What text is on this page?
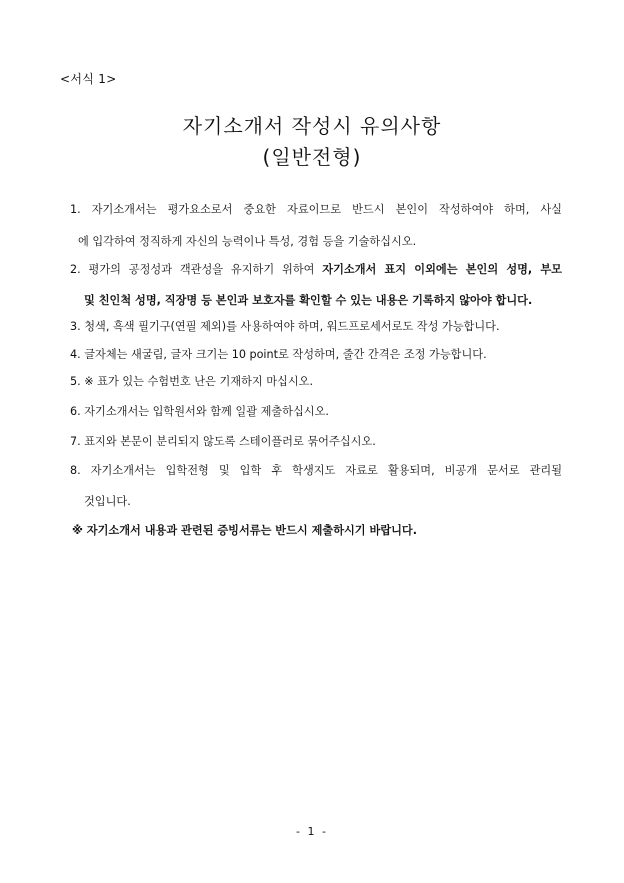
<서식 1>
자기소개서 작성시 유의사항
(일반전형)
1. 자기소개서는 평가요소로서 중요한 자료이므로 반드시 본인이 작성하여야 하며, 사실
에 입각하여 정직하게 자신의 능력이나 특성, 경험 등을 기술하십시오.
2. 평가의 공정성과 객관성을 유지하기 위하여 자기소개서 표지 이외에는 본인의 성명, 부모
및 친인척 성명, 직장명 등 본인과 보호자를 확인할 수 있는 내용은 기록하지 않아야 합니다.
3. 청색, 흑색 필기구(연필 제외)를 사용하여야 하며, 워드프로세서로도 작성 가능합니다.
4. 글자체는 새굴림, 글자 크기는 10 point로 작성하며, 줄간 간격은 조정 가능합니다.
5. ※ 표가 있는 수험번호 난은 기재하지 마십시오.
6. 자기소개서는 입학원서와 함께 일괄 제출하십시오.
7. 표지와 본문이 분리되지 않도록 스테이플러로 묶어주십시오.
8. 자기소개서는 입학전형 및 입학 후 학생지도 자료로 활용되며, 비공개 문서로 관리될
것입니다.
※ 자기소개서 내용과 관련된 증빙서류는 반드시 제출하시기 바랍니다.
- 1 -
